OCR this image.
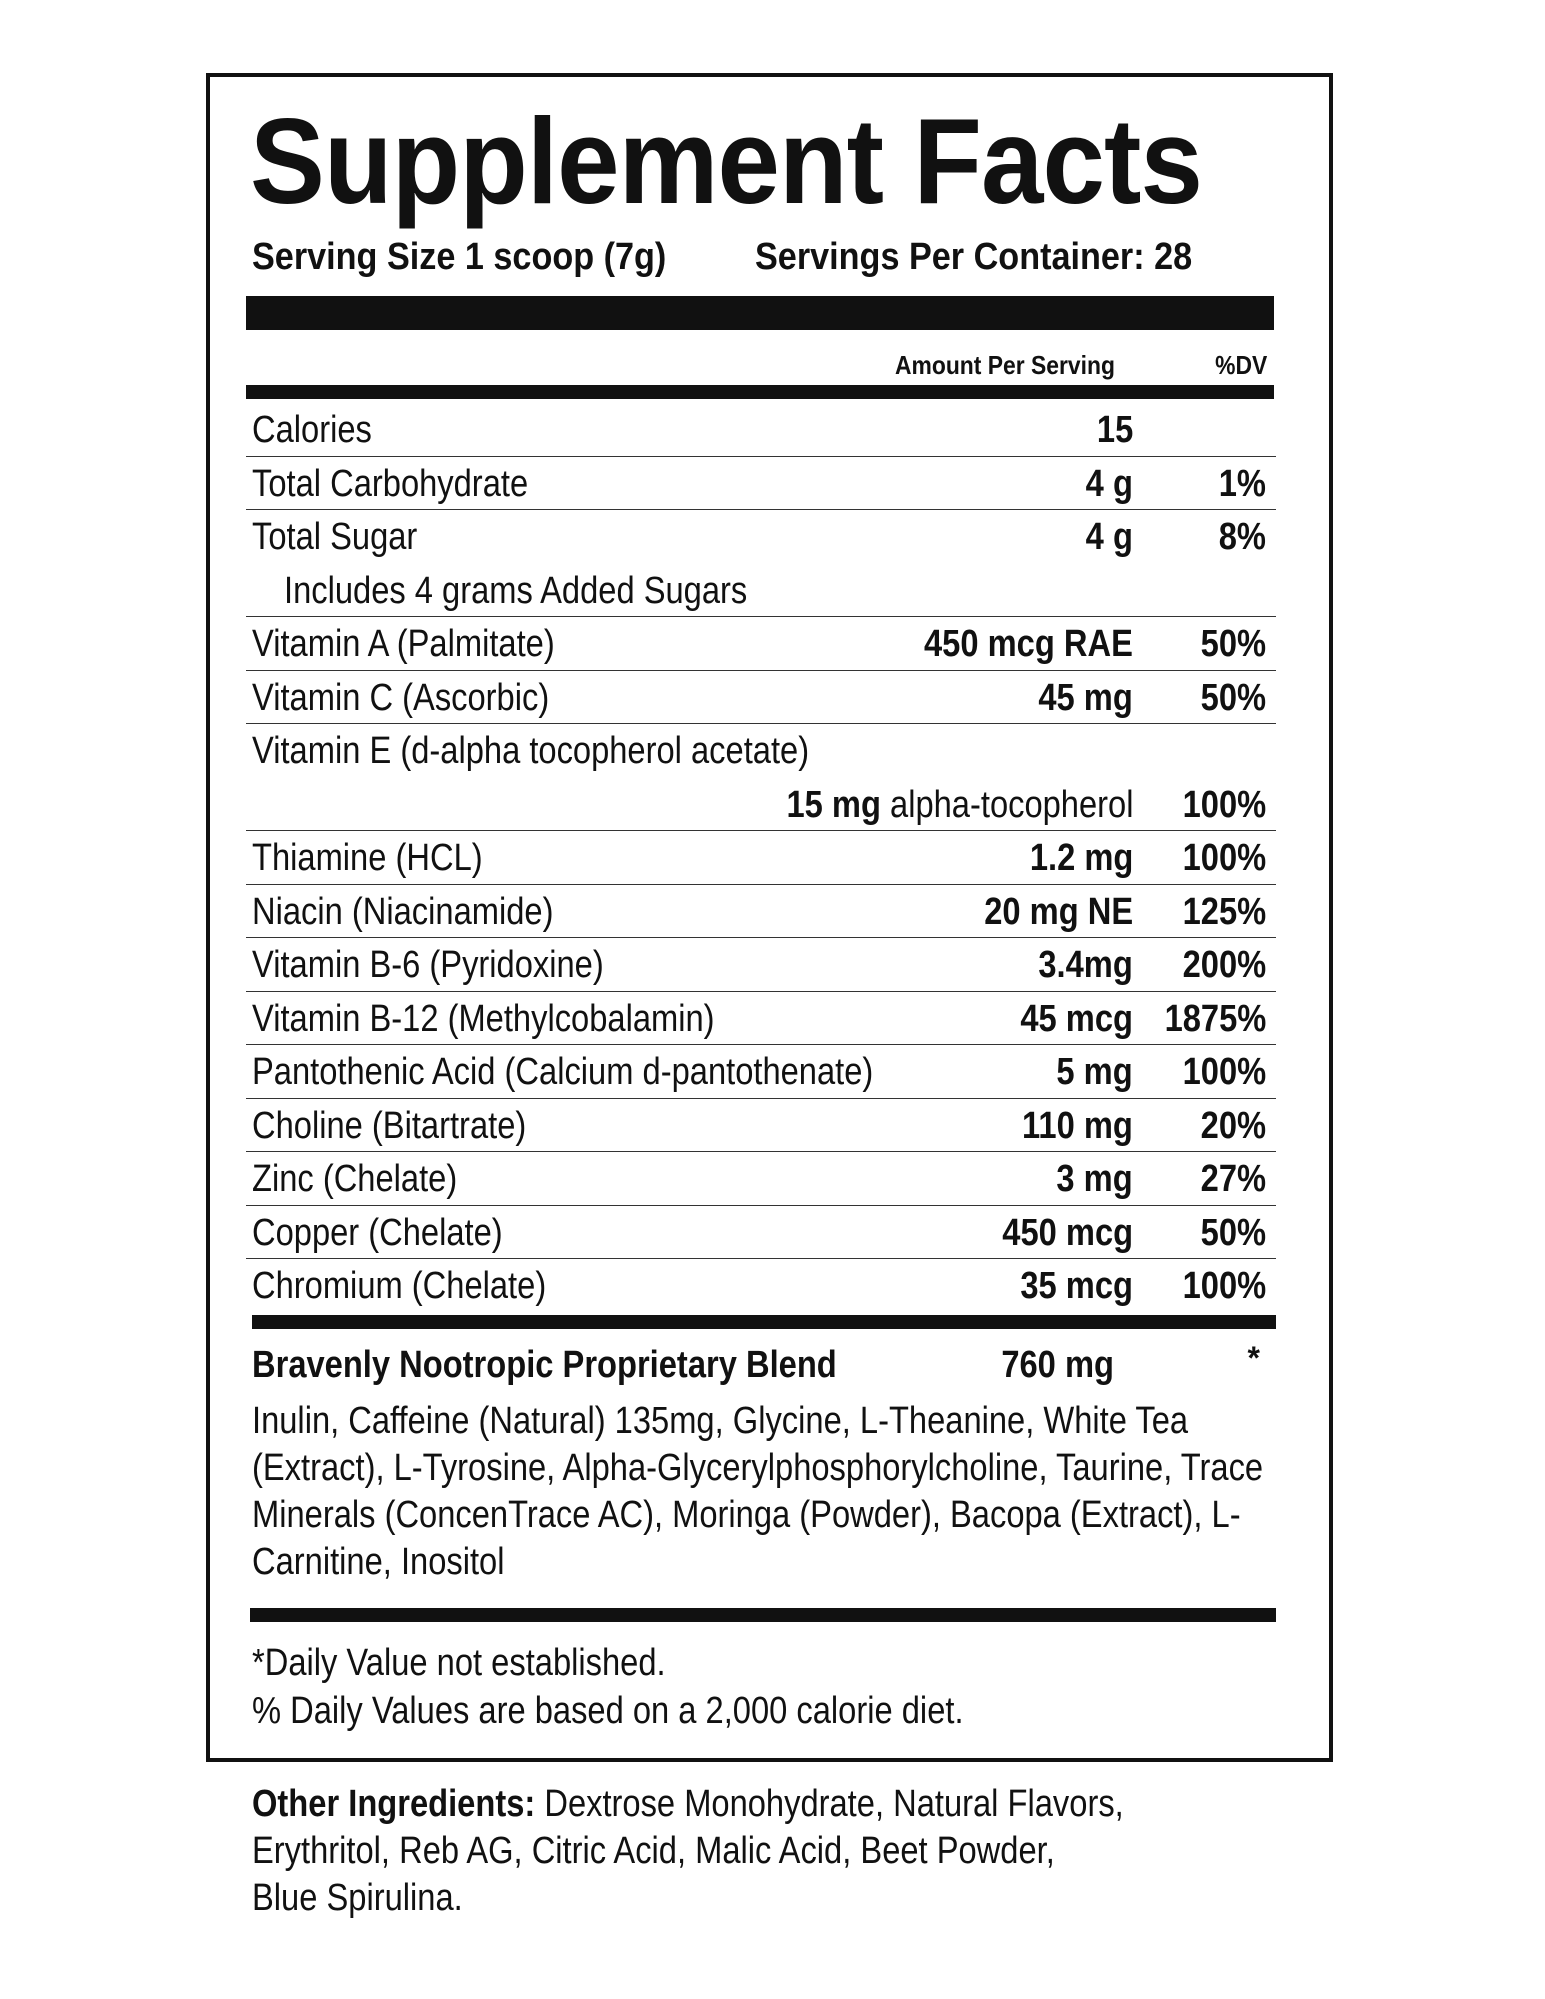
Supplement Facts
Serving Size 1 scoop (7g) Servings Per Container: 28
Amount Per Serving	%DV
Calories	15
Total Carbohydrate	4 g 1%
Total Sugar	4 g 8%
Includes 4 grams Added Sugars
Vitamin A (Palmitate)	450 mcg RAE 50%
Vitamin C (Ascorbic)	45 mg 50%
Vitamin E (d-alpha tocopherol acetate)
15 mg alpha-tocopherol 100%
Thiamine (HCL)	1.2 mg 100%
Niacin (Niacinamide)	20 mg NE 125%
Vitamin B-6 (Pyridoxine)	3.4mg 200%
Vitamin B-12 (Methylcobalamin)	45 mcg 1875%
Pantothenic Acid (Calcium d-pantothenate)	5 mg 100%
Choline (Bitartrate)	110 mg 20%
Zinc (Chelate)	3 mg 27%
Copper (Chelate)	450 mcg 50%
Chromium (Chelate)	35 mcg 100%
Bravenly Nootropic Proprietary Blend	760 mg	*
Inulin, Caffeine (Natural) 135mg, Glycine, L-Theanine, White Tea (Extract), L-Tyrosine, Alpha-Glycerylphosphorylcholine, Taurine, Trace Minerals (ConcenTrace AC), Moringa (Powder), Bacopa (Extract), L-Carnitine, Inositol
*Daily Value not established.
% Daily Values are based on a 2,000 calorie diet.
Other Ingredients: Dextrose Monohydrate, Natural Flavors, Erythritol, Reb AG, Citric Acid, Malic Acid, Beet Powder, Blue Spirulina.
